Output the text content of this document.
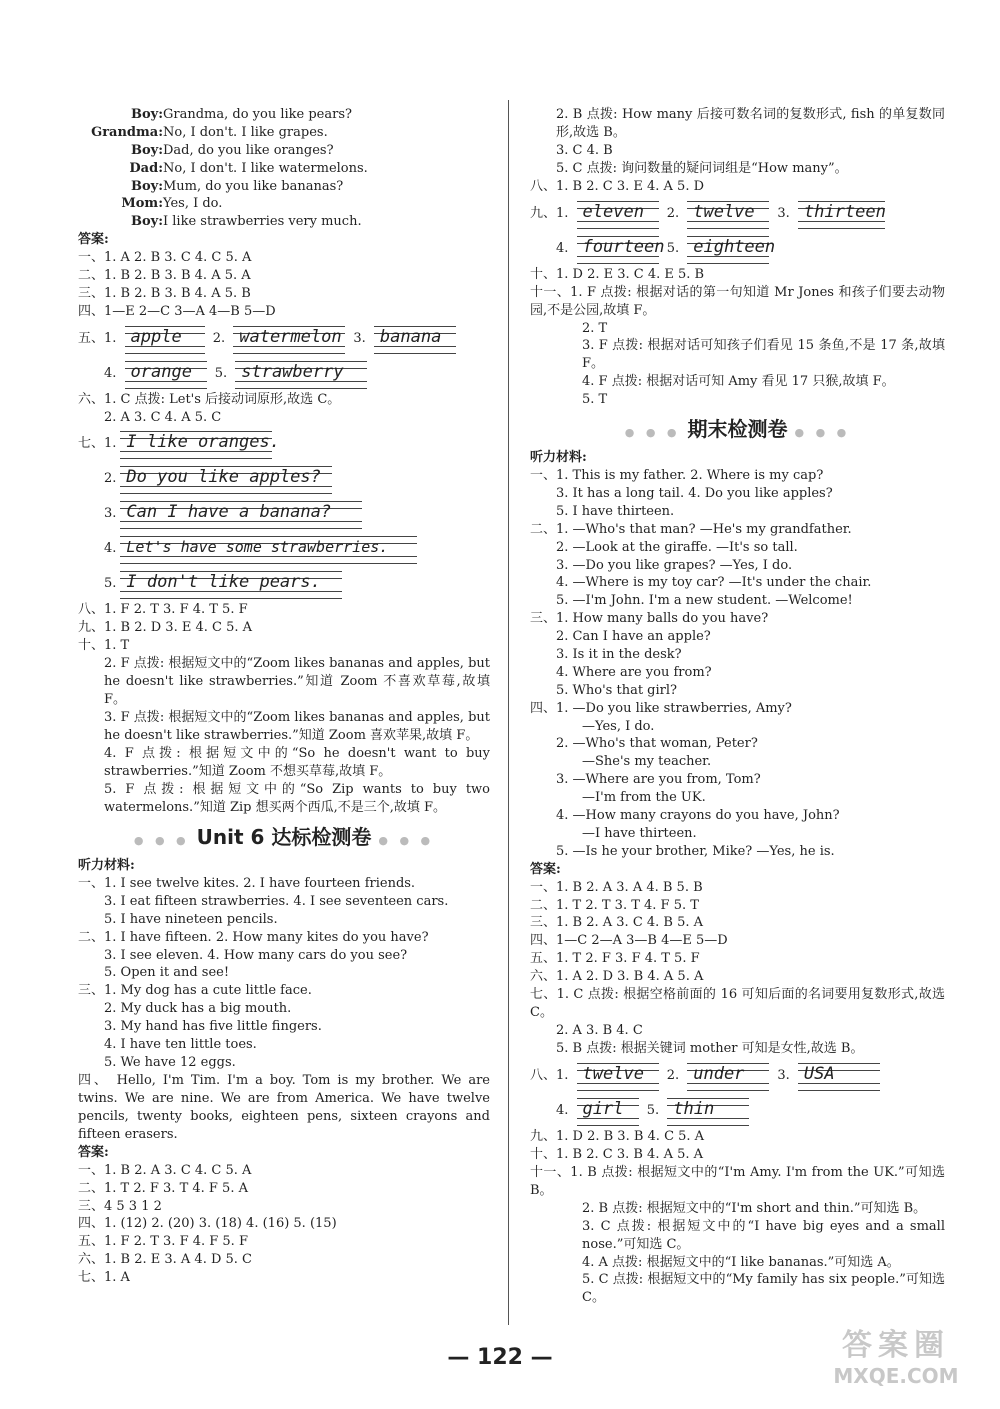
Boy:Grandma, do you like pears?
Grandma:No, I don't. I like grapes.
Boy:Dad, do you like oranges?
Dad:No, I don't. I like watermelons.
Boy:Mum, do you like bananas?
Mom:Yes, I do.
Boy:I like strawberries very much.
答案:
一、1. A 2. B 3. C 4. C 5. A
二、1. B 2. B 3. B 4. A 5. A
三、1. B 2. B 3. B 4. A 5. B
四、1—E 2—C 3—A 4—B 5—D
五、1. apple 2. watermelon 3. banana
4. orange 5. strawberry
六、1. C 点拨: Let's 后接动词原形,故选 C。
2. A 3. C 4. A 5. C
七、1. I like oranges.
2. Do you like apples?
3. Can I have a banana?
4. Let's have some strawberries.
5. I don't like pears.
八、1. F 2. T 3. F 4. T 5. F
九、1. B 2. D 3. E 4. C 5. A
十、1. T
2. F 点拨: 根据短文中的“Zoom likes bananas and apples, but he doesn't like strawberries.”知道 Zoom 不喜欢草莓,故填 F。
3. F 点拨: 根据短文中的“Zoom likes bananas and apples, but he doesn't like strawberries.”知道 Zoom 喜欢苹果,故填 F。
4. F 点拨: 根据短文中的“So he doesn't want to buy strawberries.”知道 Zoom 不想买草莓,故填 F。
5. F 点拨: 根据短文中的“So Zip wants to buy two watermelons.”知道 Zip 想买两个西瓜,不是三个,故填 F。
● ● ● Unit 6 达标检测卷 ● ● ●
听力材料:
一、1. I see twelve kites. 2. I have fourteen friends.
3. I eat fifteen strawberries. 4. I see seventeen cars.
5. I have nineteen pencils.
二、1. I have fifteen. 2. How many kites do you have?
3. I see eleven. 4. How many cars do you see?
5. Open it and see!
三、1. My dog has a cute little face.
2. My duck has a big mouth.
3. My hand has five little fingers.
4. I have ten little toes.
5. We have 12 eggs.
四、 Hello, I'm Tim. I'm a boy. Tom is my brother. We are twins. We are nine. We are from America. We have twelve pencils, twenty books, eighteen pens, sixteen crayons and fifteen erasers.
答案:
一、1. B 2. A 3. C 4. C 5. A
二、1. T 2. F 3. T 4. F 5. A
三、4 5 3 1 2
四、1. (12) 2. (20) 3. (18) 4. (16) 5. (15)
五、1. F 2. T 3. F 4. F 5. F
六、1. B 2. E 3. A 4. D 5. C
七、1. A
2. B 点拨: How many 后接可数名词的复数形式, fish 的单复数同形,故选 B。
3. C 4. B
5. C 点拨: 询问数量的疑问词组是“How many”。
八、1. B 2. C 3. E 4. A 5. D
九、1. eleven 2. twelve 3. thirteen
4. fourteen 5. eighteen
十、1. D 2. E 3. C 4. E 5. B
十一、1. F 点拨: 根据对话的第一句知道 Mr Jones 和孩子们要去动物园,不是公园,故填 F。
2. T
3. F 点拨: 根据对话可知孩子们看见 15 条鱼,不是 17 条,故填 F。
4. F 点拨: 根据对话可知 Amy 看见 17 只猴,故填 F。
5. T
● ● ● 期末检测卷 ● ● ●
听力材料:
一、1. This is my father. 2. Where is my cap?
3. It has a long tail. 4. Do you like apples?
5. I have thirteen.
二、1. —Who's that man? —He's my grandfather.
2. —Look at the giraffe. —It's so tall.
3. —Do you like grapes? —Yes, I do.
4. —Where is my toy car? —It's under the chair.
5. —I'm John. I'm a new student. —Welcome!
三、1. How many balls do you have?
2. Can I have an apple?
3. Is it in the desk?
4. Where are you from?
5. Who's that girl?
四、1. —Do you like strawberries, Amy?
—Yes, I do.
2. —Who's that woman, Peter?
—She's my teacher.
3. —Where are you from, Tom?
—I'm from the UK.
4. —How many crayons do you have, John?
—I have thirteen.
5. —Is he your brother, Mike? —Yes, he is.
答案:
一、1. B 2. A 3. A 4. B 5. B
二、1. T 2. T 3. T 4. F 5. T
三、1. B 2. A 3. C 4. B 5. A
四、1—C 2—A 3—B 4—E 5—D
五、1. T 2. F 3. F 4. T 5. F
六、1. A 2. D 3. B 4. A 5. A
七、1. C 点拨: 根据空格前面的 16 可知后面的名词要用复数形式,故选 C。
2. A 3. B 4. C
5. B 点拨: 根据关键词 mother 可知是女性,故选 B。
八、1. twelve 2. under	3. USA
4. girl 5. thin
九、1. D 2. B 3. B 4. C 5. A
十、1. B 2. C 3. B 4. A 5. A
十一、1. B 点拨: 根据短文中的“I'm Amy. I'm from the UK.”可知选 B。
2. B 点拨: 根据短文中的“I'm short and thin.”可知选 B。
3. C 点拨: 根据短文中的“I have big eyes and a small nose.”可知选 C。
4. A 点拨: 根据短文中的“I like bananas.”可知选 A。
5. C 点拨: 根据短文中的“My family has six people.”可知选 C。
— 122 —	答案圈
MXQE.COM
